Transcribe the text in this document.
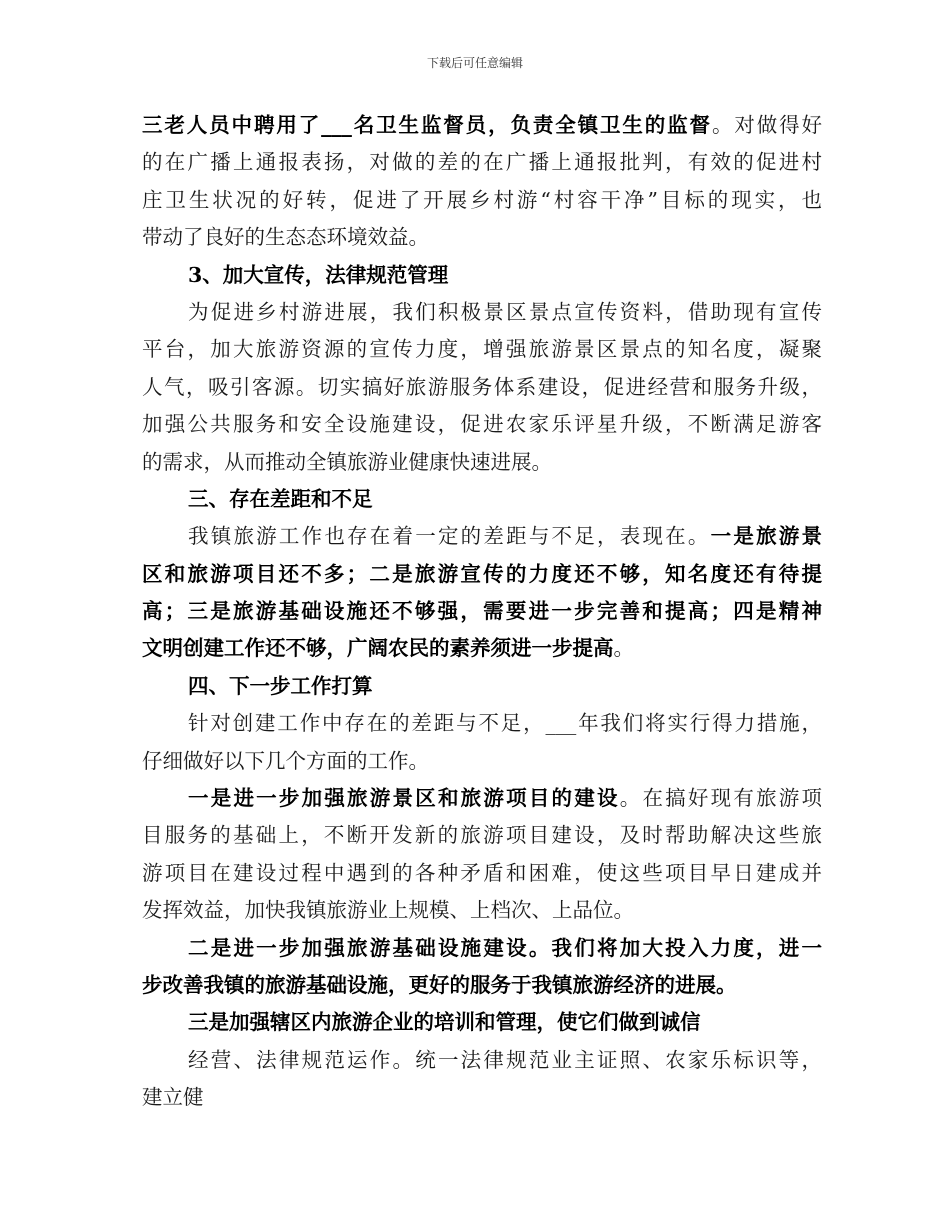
下载后可任意编辑
三老人员中聘用了___名卫生监督员，负责全镇卫生的监督。对做得好
的在广播上通报表扬，对做的差的在广播上通报批判，有效的促进村
庄卫生状况的好转，促进了开展乡村游“村容干净”目标的现实，也
带动了良好的生态态环境效益。
3、加大宣传，法律规范管理
为促进乡村游进展，我们积极景区景点宣传资料，借助现有宣传
平台，加大旅游资源的宣传力度，增强旅游景区景点的知名度，凝聚
人气，吸引客源。切实搞好旅游服务体系建设，促进经营和服务升级，
加强公共服务和安全设施建设，促进农家乐评星升级，不断满足游客
的需求，从而推动全镇旅游业健康快速进展。
三、存在差距和不足
我镇旅游工作也存在着一定的差距与不足，表现在。一是旅游景
区和旅游项目还不多；二是旅游宣传的力度还不够，知名度还有待提
高；三是旅游基础设施还不够强，需要进一步完善和提高；四是精神
文明创建工作还不够，广阔农民的素养须进一步提高。
四、下一步工作打算
针对创建工作中存在的差距与不足，___年我们将实行得力措施，
仔细做好以下几个方面的工作。
一是进一步加强旅游景区和旅游项目的建设。在搞好现有旅游项
目服务的基础上，不断开发新的旅游项目建设，及时帮助解决这些旅
游项目在建设过程中遇到的各种矛盾和困难，使这些项目早日建成并
发挥效益，加快我镇旅游业上规模、上档次、上品位。
二是进一步加强旅游基础设施建设。我们将加大投入力度，进一
步改善我镇的旅游基础设施，更好的服务于我镇旅游经济的进展。
三是加强辖区内旅游企业的培训和管理，使它们做到诚信
经营、法律规范运作。统一法律规范业主证照、农家乐标识等，
建立健
